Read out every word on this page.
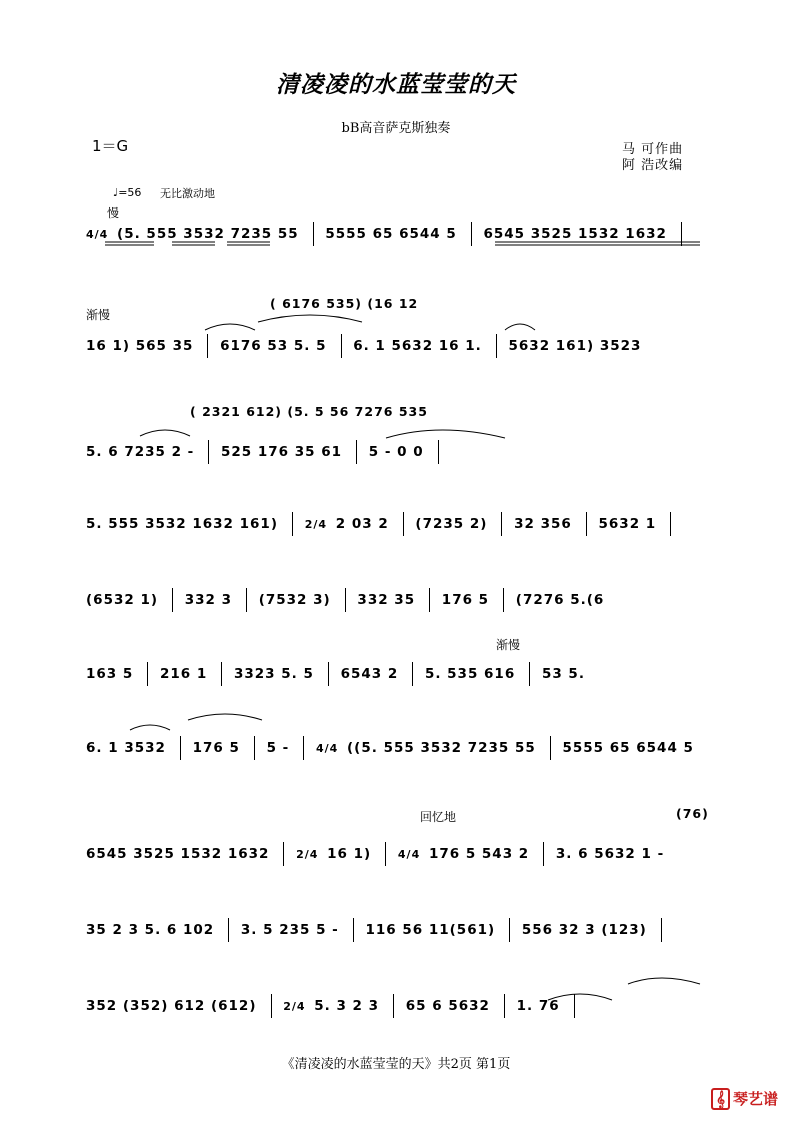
清凌凌的水蓝莹莹的天
bB高音萨克斯独奏
1＝G	马 可作曲
阿 浩改编
♩=56 无比激动地
慢
渐慢
渐慢
回忆地
4/4 (5. 555 3532 7235 55 5555 65 6544 5 6545 3525 1532 1632
( 6176 535) (16 12
16 1) 565 35 6176 53 5. 5 6. 1 5632 16 1. 5632 161) 3523
( 2321 612) (5. 5 56 7276 535
5. 6 7235 2 - 525 176 35 61 5 - 0 0
5. 555 3532 1632 161) 2/4 2 03 2 (7235 2) 32 356 5632 1
(6532 1) 332 3 (7532 3) 332 35 176 5 (7276 5.(6
163 5 216 1 3323 5. 5 6543 2 5. 535 616 53 5.
6. 1 3532 176 5 5 - 4/4 ((5. 555 3532 7235 55 5555 65 6544 5
(76)
6545 3525 1532 1632 2/4 16 1) 4/4 176 5 543 2 3. 6 5632 1 -
35 2 3 5. 6 102 3. 5 235 5 - 116 56 11(561) 556 32 3 (123)
352 (352) 612 (612) 2/4 5. 3 2 3 65 6 5632 1. 76
《清凌凌的水蓝莹莹的天》共2页 第1页
𝄞 琴艺谱
